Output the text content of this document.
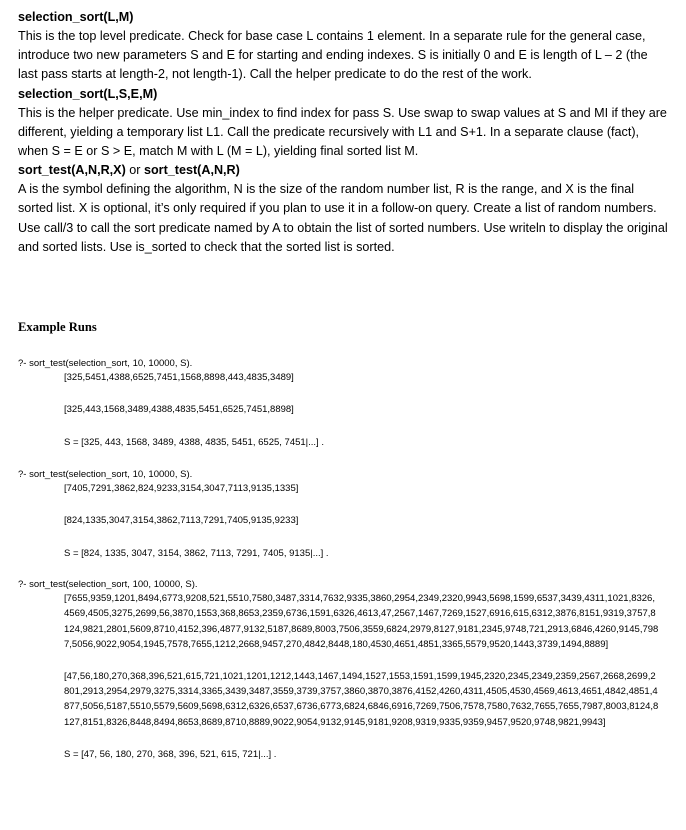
selection_sort(L,M)

This is the top level predicate. Check for base case L contains 1 element. In a separate rule for the general case, introduce two new parameters S and E for starting and ending indexes. S is initially 0 and E is length of L – 2 (the last pass starts at length-2, not length-1). Call the helper predicate to do the rest of the work.

selection_sort(L,S,E,M)

This is the helper predicate. Use min_index to find index for pass S. Use swap to swap values at S and MI if they are different, yielding a temporary list L1. Call the predicate recursively with L1 and S+1. In a separate clause (fact), when S = E or S > E, match M with L (M = L), yielding final sorted list M.

sort_test(A,N,R,X) or sort_test(A,N,R)

A is the symbol defining the algorithm, N is the size of the random number list, R is the range, and X is the final sorted list. X is optional, it’s only required if you plan to use it in a follow-on query. Create a list of random numbers. Use call/3 to call the sort predicate named by A to obtain the list of sorted numbers. Use writeln to display the original and sorted lists. Use is_sorted to check that the sorted list is sorted.

Example Runs

?- sort_test(selection_sort, 10, 10000, S).
[325,5451,4388,6525,7451,1568,8898,443,4835,3489]
[325,443,1568,3489,4388,4835,5451,6525,7451,8898]
S = [325, 443, 1568, 3489, 4388, 4835, 5451, 6525, 7451|...] .
?- sort_test(selection_sort, 10, 10000, S).
[7405,7291,3862,824,9233,3154,3047,7113,9135,1335]
[824,1335,3047,3154,3862,7113,7291,7405,9135,9233]
S = [824, 1335, 3047, 3154, 3862, 7113, 7291, 7405, 9135|...] .
?- sort_test(selection_sort, 100, 10000, S).
[7655,9359,1201,8494,6773,9208,521,5510,7580,3487,3314,7632,9335,3860,2954,2349,2320,9943,5698,1599,6537,3439,4311,1021,8326,4569,4505,3275,2699,56,3870,1553,368,8653,2359,6736,1591,6326,4613,47,2567,1467,7269,1527,6916,615,6312,3876,8151,9319,3757,8124,9821,2801,5609,8710,4152,396,4877,9132,5187,8689,8003,7506,3559,6824,2979,8127,9181,2345,9748,721,2913,6846,4260,9145,7987,5056,9022,9054,1945,7578,7655,1212,2668,9457,270,4842,8448,180,4530,4651,4851,3365,5579,9520,1443,3739,1494,8889]
[47,56,180,270,368,396,521,615,721,1021,1201,1212,1443,1467,1494,1527,1553,1591,1599,1945,2320,2345,2349,2359,2567,2668,2699,2801,2913,2954,2979,3275,3314,3365,3439,3487,3559,3739,3757,3860,3870,3876,4152,4260,4311,4505,4530,4569,4613,4651,4842,4851,4877,5056,5187,5510,5579,5609,5698,6312,6326,6537,6736,6773,6824,6846,6916,7269,7506,7578,7580,7632,7655,7655,7987,8003,8124,8127,8151,8326,8448,8494,8653,8689,8710,8889,9022,9054,9132,9145,9181,9208,9319,9335,9359,9457,9520,9748,9821,9943]
S = [47, 56, 180, 270, 368, 396, 521, 615, 721|...] .
